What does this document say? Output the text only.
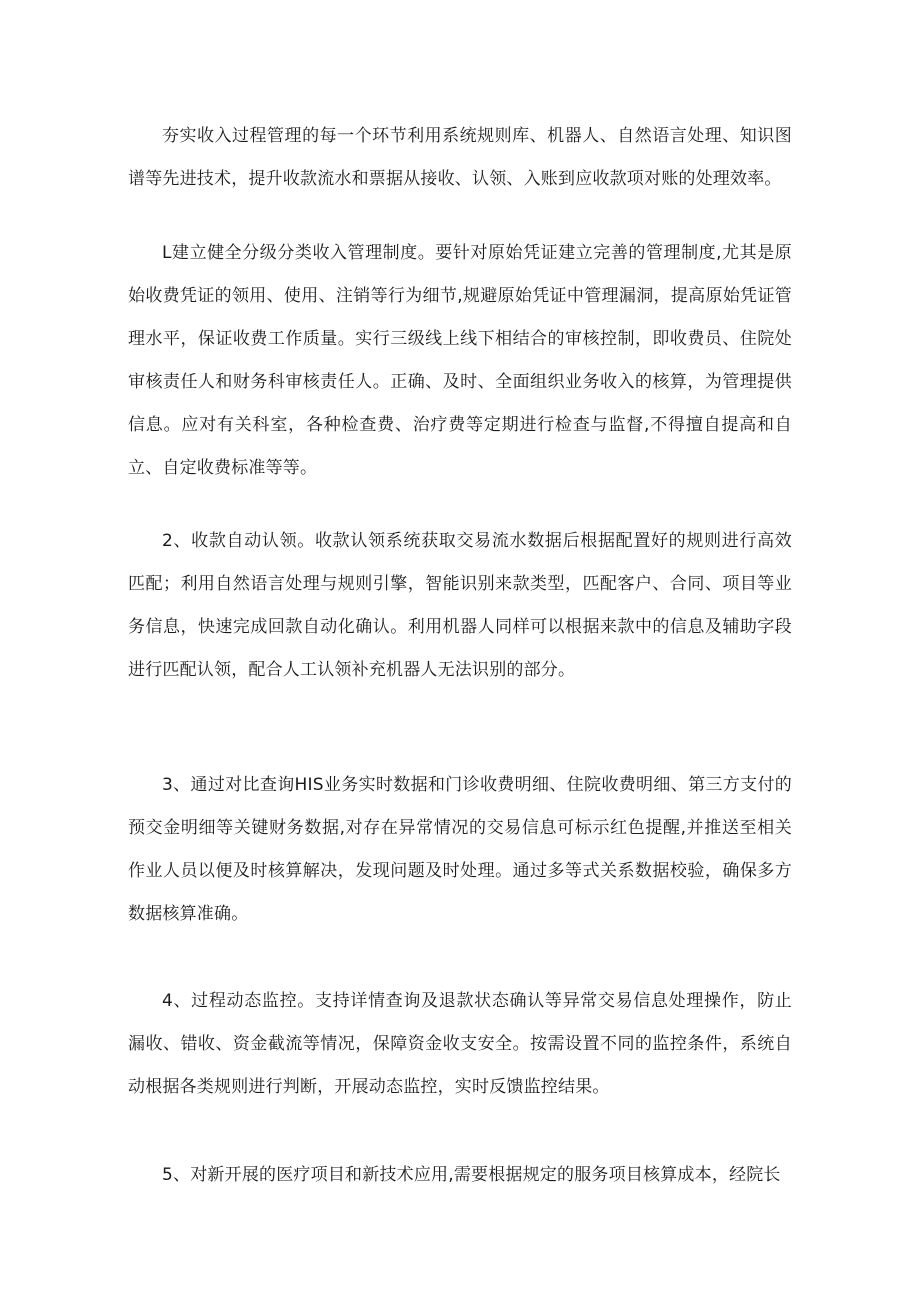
夯实收入过程管理的每一个环节利用系统规则库、机器人、自然语言处理、知识图谱等先进技术，提升收款流水和票据从接收、认领、入账到应收款项对账的处理效率。

L建立健全分级分类收入管理制度。要针对原始凭证建立完善的管理制度,尤其是原始收费凭证的领用、使用、注销等行为细节,规避原始凭证中管理漏洞，提高原始凭证管理水平，保证收费工作质量。实行三级线上线下相结合的审核控制，即收费员、住院处审核责任人和财务科审核责任人。正确、及时、全面组织业务收入的核算，为管理提供信息。应对有关科室，各种检查费、治疗费等定期进行检查与监督,不得擅自提高和自立、自定收费标准等等。

2、收款自动认领。收款认领系统获取交易流水数据后根据配置好的规则进行高效匹配；利用自然语言处理与规则引擎，智能识别来款类型，匹配客户、合同、项目等业务信息，快速完成回款自动化确认。利用机器人同样可以根据来款中的信息及辅助字段进行匹配认领，配合人工认领补充机器人无法识别的部分。

3、通过对比查询HIS业务实时数据和门诊收费明细、住院收费明细、第三方支付的预交金明细等关键财务数据,对存在异常情况的交易信息可标示红色提醒,并推送至相关作业人员以便及时核算解决，发现问题及时处理。通过多等式关系数据校验，确保多方数据核算准确。

4、过程动态监控。支持详情查询及退款状态确认等异常交易信息处理操作，防止漏收、错收、资金截流等情况，保障资金收支安全。按需设置不同的监控条件，系统自动根据各类规则进行判断，开展动态监控，实时反馈监控结果。

5、对新开展的医疗项目和新技术应用,需要根据规定的服务项目核算成本，经院长
